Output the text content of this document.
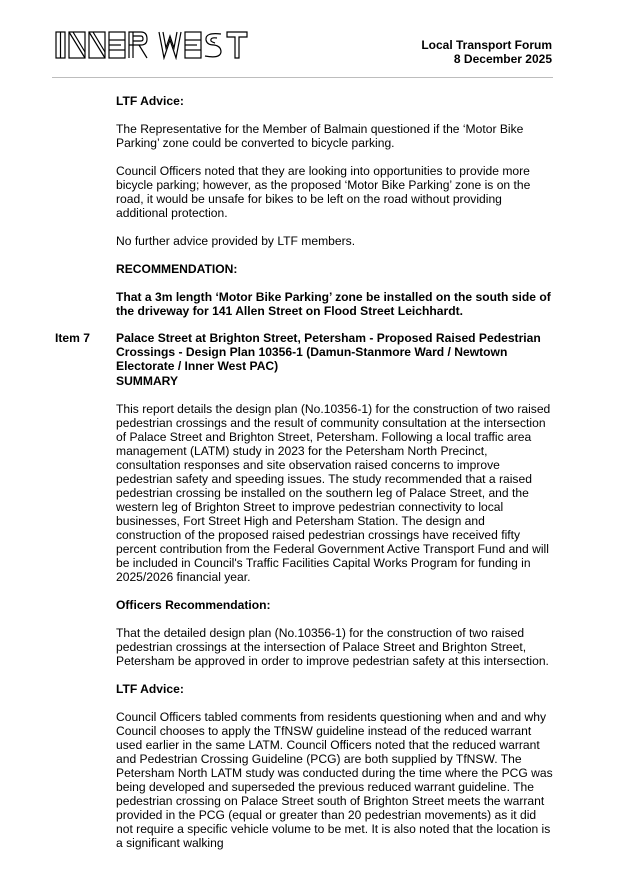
Local Transport Forum
8 December 2025

LTF Advice:

The Representative for the Member of Balmain questioned if the ‘Motor Bike Parking’ zone could be converted to bicycle parking.

Council Officers noted that they are looking into opportunities to provide more bicycle parking; however, as the proposed ‘Motor Bike Parking’ zone is on the road, it would be unsafe for bikes to be left on the road without providing additional protection.

No further advice provided by LTF members.

RECOMMENDATION:

That a 3m length ‘Motor Bike Parking’ zone be installed on the south side of the driveway for 141 Allen Street on Flood Street Leichhardt.

Item 7 Palace Street at Brighton Street, Petersham - Proposed Raised Pedestrian Crossings - Design Plan 10356-1 (Damun-Stanmore Ward / Newtown Electorate / Inner West PAC)

SUMMARY

This report details the design plan (No.10356-1) for the construction of two raised pedestrian crossings and the result of community consultation at the intersection of Palace Street and Brighton Street, Petersham. Following a local traffic area management (LATM) study in 2023 for the Petersham North Precinct, consultation responses and site observation raised concerns to improve pedestrian safety and speeding issues. The study recommended that a raised pedestrian crossing be installed on the southern leg of Palace Street, and the western leg of Brighton Street to improve pedestrian connectivity to local businesses, Fort Street High and Petersham Station. The design and construction of the proposed raised pedestrian crossings have received fifty percent contribution from the Federal Government Active Transport Fund and will be included in Council's Traffic Facilities Capital Works Program for funding in 2025/2026 financial year.

Officers Recommendation:

That the detailed design plan (No.10356-1) for the construction of two raised pedestrian crossings at the intersection of Palace Street and Brighton Street, Petersham be approved in order to improve pedestrian safety at this intersection.

LTF Advice:

Council Officers tabled comments from residents questioning when and and why Council chooses to apply the TfNSW guideline instead of the reduced warrant used earlier in the same LATM. Council Officers noted that the reduced warrant and Pedestrian Crossing Guideline (PCG) are both supplied by TfNSW. The Petersham North LATM study was conducted during the time where the PCG was being developed and superseded the previous reduced warrant guideline. The pedestrian crossing on Palace Street south of Brighton Street meets the warrant provided in the PCG (equal or greater than 20 pedestrian movements) as it did not require a specific vehicle volume to be met. It is also noted that the location is a significant walking
